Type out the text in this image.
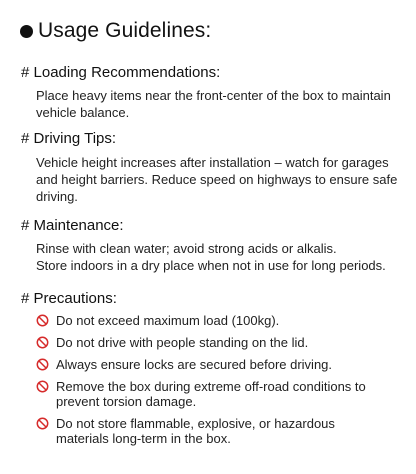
Usage Guidelines:
# Loading Recommendations:
Place heavy items near the front-center of the box to maintain
vehicle balance.
# Driving Tips:
Vehicle height increases after installation – watch for garages
and height barriers. Reduce speed on highways to ensure safe
driving.
# Maintenance:
Rinse with clean water; avoid strong acids or alkalis.
Store indoors in a dry place when not in use for long periods.
# Precautions:
Do not exceed maximum load (100kg).
Do not drive with people standing on the lid.
Always ensure locks are secured before driving.
Remove the box during extreme off-road conditions to
prevent torsion damage.
Do not store flammable, explosive, or hazardous
materials long-term in the box.
